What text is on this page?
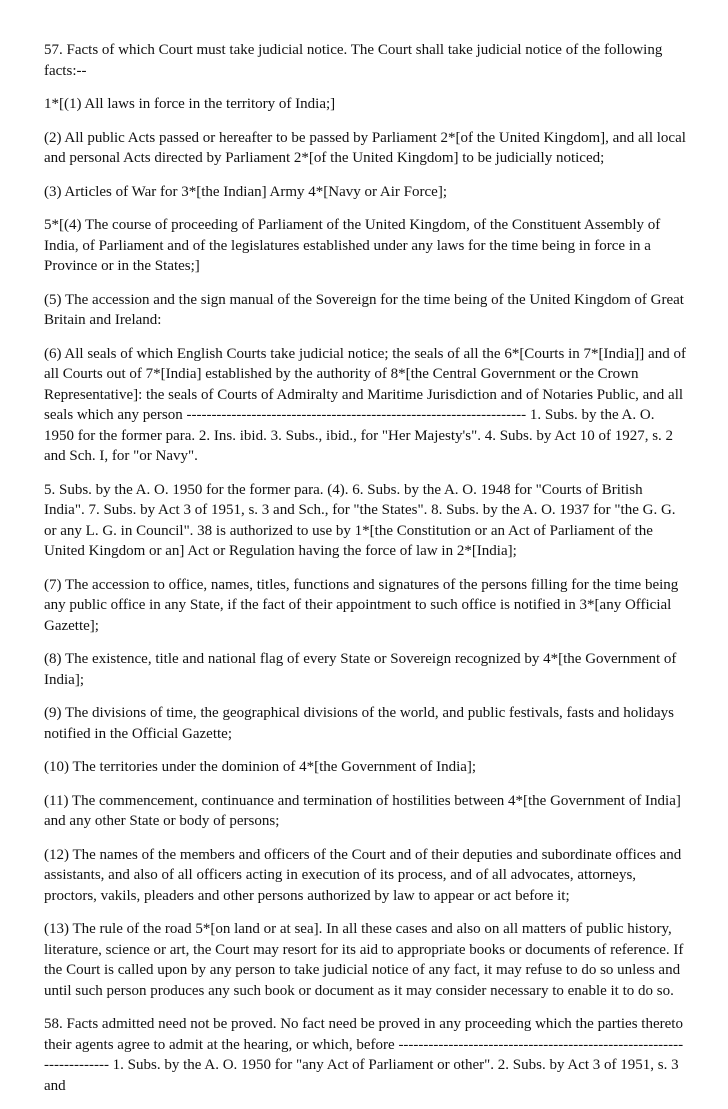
57. Facts of which Court must take judicial notice. The Court shall take judicial notice of the following facts:--

1*[(1) All laws in force in the territory of India;]

(2) All public Acts passed or hereafter to be passed by Parliament 2*[of the United Kingdom], and all local and personal Acts directed by Parliament 2*[of the United Kingdom] to be judicially noticed;

(3) Articles of War for 3*[the Indian] Army 4*[Navy or Air Force];

5*[(4) The course of proceeding of Parliament of the United Kingdom, of the Constituent Assembly of India, of Parliament and of the legislatures established under any laws for the time being in force in a Province or in the States;]

(5) The accession and the sign manual of the Sovereign for the time being of the United Kingdom of Great Britain and Ireland:

(6) All seals of which English Courts take judicial notice; the seals of all the 6*[Courts in 7*[India]] and of all Courts out of 7*[India] established by the authority of 8*[the Central Government or the Crown Representative]: the seals of Courts of Admiralty and Maritime Jurisdiction and of Notaries Public, and all seals which any person -------------------------------------------------------------------- 1. Subs. by the A. O. 1950 for the former para. 2. Ins. ibid. 3. Subs., ibid., for "Her Majesty's". 4. Subs. by Act 10 of 1927, s. 2 and Sch. I, for "or Navy".

5. Subs. by the A. O. 1950 for the former para. (4). 6. Subs. by the A. O. 1948 for "Courts of British India". 7. Subs. by Act 3 of 1951, s. 3 and Sch., for "the States". 8. Subs. by the A. O. 1937 for "the G. G. or any L. G. in Council". 38 is authorized to use by 1*[the Constitution or an Act of Parliament of the United Kingdom or an] Act or Regulation having the force of law in 2*[India];

(7) The accession to office, names, titles, functions and signatures of the persons filling for the time being any public office in any State, if the fact of their appointment to such office is notified in 3*[any Official Gazette];

(8) The existence, title and national flag of every State or Sovereign recognized by 4*[the Government of India];

(9) The divisions of time, the geographical divisions of the world, and public festivals, fasts and holidays notified in the Official Gazette;

(10) The territories under the dominion of 4*[the Government of India];

(11) The commencement, continuance and termination of hostilities between 4*[the Government of India] and any other State or body of persons;

(12) The names of the members and officers of the Court and of their deputies and subordinate offices and assistants, and also of all officers acting in execution of its process, and of all advocates, attorneys, proctors, vakils, pleaders and other persons authorized by law to appear or act before it;

(13) The rule of the road 5*[on land or at sea]. In all these cases and also on all matters of public history, literature, science or art, the Court may resort for its aid to appropriate books or documents of reference. If the Court is called upon by any person to take judicial notice of any fact, it may refuse to do so unless and until such person produces any such book or document as it may consider necessary to enable it to do so.

58. Facts admitted need not be proved. No fact need be proved in any proceeding which the parties thereto their agents agree to admit at the hearing, or which, before ---------------------------------------------------------------------- 1. Subs. by the A. O. 1950 for "any Act of Parliament or other". 2. Subs. by Act 3 of 1951, s. 3 and
